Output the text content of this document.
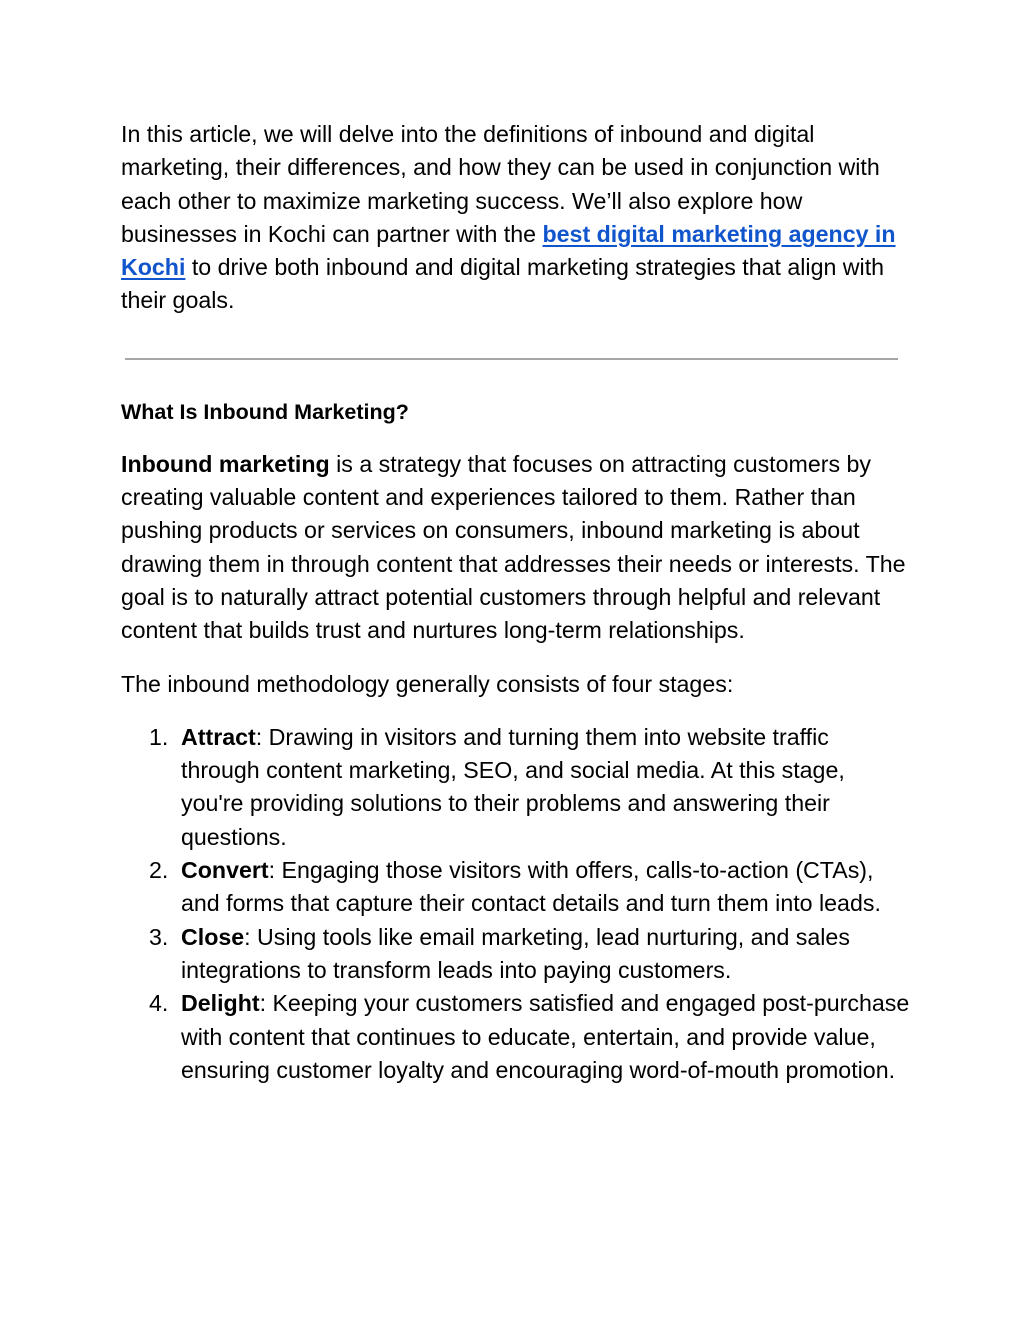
In this article, we will delve into the definitions of inbound and digital marketing, their differences, and how they can be used in conjunction with each other to maximize marketing success. We’ll also explore how businesses in Kochi can partner with the best digital marketing agency in Kochi to drive both inbound and digital marketing strategies that align with their goals.

What Is Inbound Marketing?

Inbound marketing is a strategy that focuses on attracting customers by creating valuable content and experiences tailored to them. Rather than pushing products or services on consumers, inbound marketing is about drawing them in through content that addresses their needs or interests. The goal is to naturally attract potential customers through helpful and relevant content that builds trust and nurtures long-term relationships.

The inbound methodology generally consists of four stages:

1. Attract: Drawing in visitors and turning them into website traffic through content marketing, SEO, and social media. At this stage, you're providing solutions to their problems and answering their questions.
2. Convert: Engaging those visitors with offers, calls-to-action (CTAs), and forms that capture their contact details and turn them into leads.
3. Close: Using tools like email marketing, lead nurturing, and sales integrations to transform leads into paying customers.
4. Delight: Keeping your customers satisfied and engaged post-purchase with content that continues to educate, entertain, and provide value, ensuring customer loyalty and encouraging word-of-mouth promotion.
